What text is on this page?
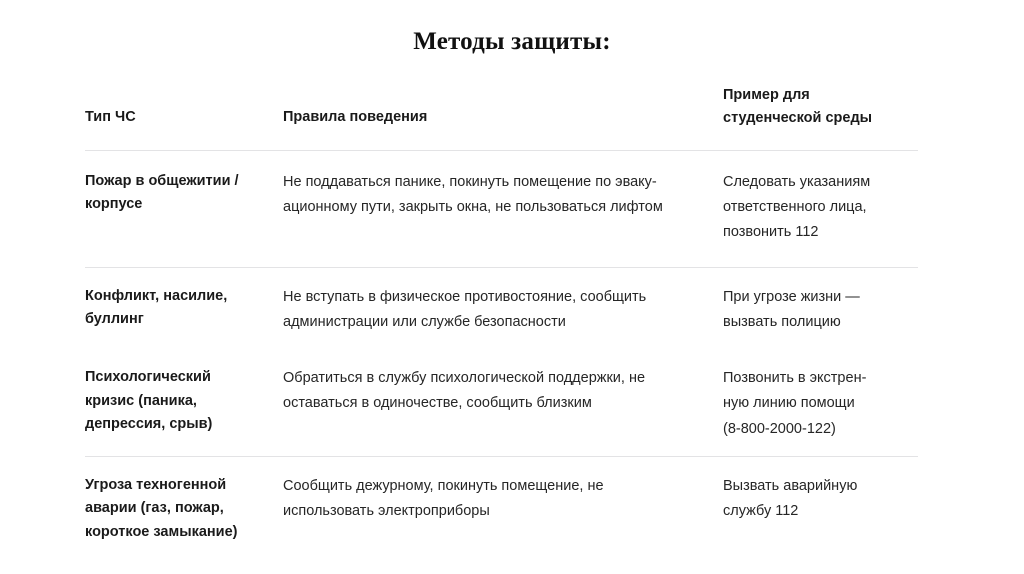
Методы защиты:
Тип ЧС	Правила поведения
Пример для
студенческой среды
Пожар в общежитии /
корпусе
Не поддаваться панике, покинуть помещение по эваку-
ационному пути, закрыть окна, не пользоваться лифтом
Следовать указаниям
ответственного лица,
позвонить 112
Конфликт, насилие,
буллинг
Не вступать в физическое противостояние, сообщить
администрации или службе безопасности
При угрозе жизни —
вызвать полицию
Психологический
кризис (паника,
депрессия, срыв)
Обратиться в службу психологической поддержки, не
оставаться в одиночестве, сообщить близким
Позвонить в экстрен-
ную линию помощи
(8-800-2000-122)
Угроза техногенной
аварии (газ, пожар,
короткое замыкание)
Сообщить дежурному, покинуть помещение, не
использовать электроприборы
Вызвать аварийную
службу 112
